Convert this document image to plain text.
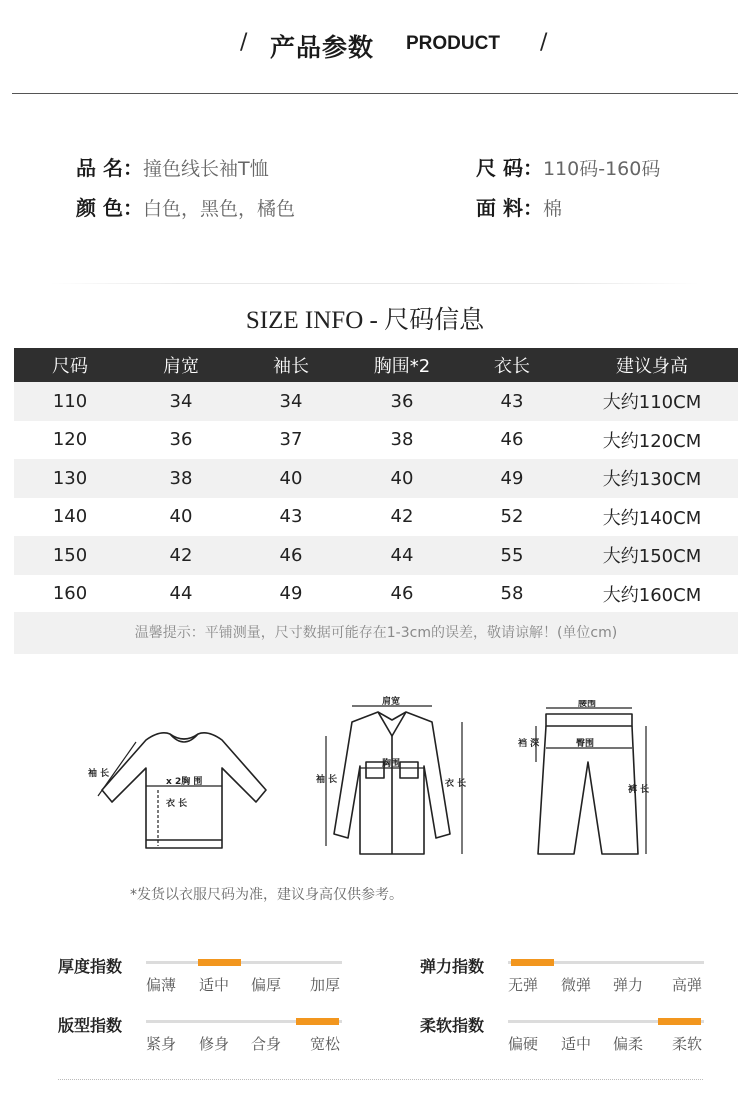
/ 产品参数 PRODUCT /
品 名：撞色线长袖T恤	尺 码：110码-160码
颜 色：白色，黑色，橘色	面 料：棉
SIZE INFO - 尺码信息
尺码	肩宽	袖长	胸围*2	衣长	建议身高
110	34	34	36	43	大约110CM
120	36	37	38	46	大约120CM
130	38	40	40	49	大约130CM
140	40	43	42	52	大约140CM
150	42	46	44	55	大约150CM
160	44	49	46	58	大约160CM
温馨提示：平铺测量，尺寸数据可能存在1-3cm的误差，敬请谅解！(单位cm)
x 2胸 围
衣 长
袖 长
肩宽
胸围
袖 长	衣 长
腰围
臀围
裆 深
裤 长
*发货以衣服尺码为准，建议身高仅供参考。
厚度指数
偏薄 适中 偏厚 加厚
弹力指数
无弹 微弹 弹力 高弹
版型指数
紧身 修身 合身 宽松
柔软指数
偏硬 适中 偏柔 柔软
